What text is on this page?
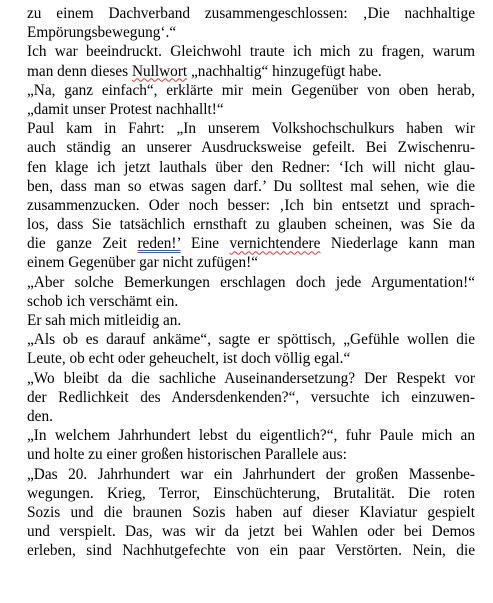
zu einem Dachverband zusammengeschlossen: ‚Die nachhaltige
Empörungsbewegung‘.“
Ich war beeindruckt. Gleichwohl traute ich mich zu fragen, warum
man denn dieses Nullwort „nachhaltig“ hinzugefügt habe.
„Na, ganz einfach“, erklärte mir mein Gegenüber von oben herab,
„damit unser Protest nachhallt!“
Paul kam in Fahrt: „In unserem Volkshochschulkurs haben wir
auch ständig an unserer Ausdrucksweise gefeilt. Bei Zwischenru-
fen klage ich jetzt lauthals über den Redner: ‘Ich will nicht glau-
ben, dass man so etwas sagen darf.’ Du solltest mal sehen, wie die
zusammenzucken. Oder noch besser: ‚Ich bin entsetzt und sprach-
los, dass Sie tatsächlich ernsthaft zu glauben scheinen, was Sie da
die ganze Zeit reden!’ Eine vernichtendere Niederlage kann man
einem Gegenüber gar nicht zufügen!“
„Aber solche Bemerkungen erschlagen doch jede Argumentation!“
schob ich verschämt ein.
Er sah mich mitleidig an.
„Als ob es darauf ankäme“, sagte er spöttisch, „Gefühle wollen die
Leute, ob echt oder geheuchelt, ist doch völlig egal.“
„Wo bleibt da die sachliche Auseinandersetzung? Der Respekt vor
der Redlichkeit des Andersdenkenden?“, versuchte ich einzuwen-
den.
„In welchem Jahrhundert lebst du eigentlich?“, fuhr Paule mich an
und holte zu einer großen historischen Parallele aus:
„Das 20. Jahrhundert war ein Jahrhundert der großen Massenbe-
wegungen. Krieg, Terror, Einschüchterung, Brutalität. Die roten
Sozis und die braunen Sozis haben auf dieser Klaviatur gespielt
und verspielt. Das, was wir da jetzt bei Wahlen oder bei Demos
erleben, sind Nachhutgefechte von ein paar Verstörten. Nein, die
